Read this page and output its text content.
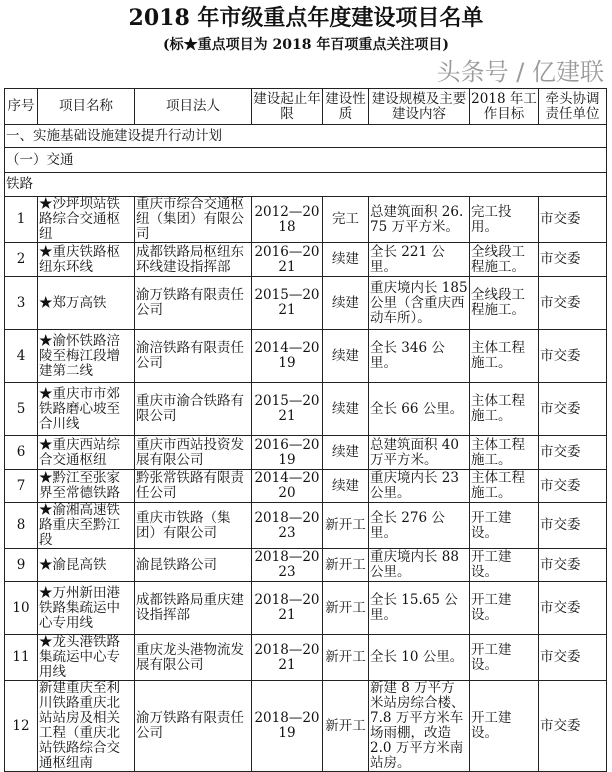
2018 年市级重点年度建设项目名单
(标★重点项目为 2018 年百项重点关注项目)
头条号 / 亿建联
序号	项目名称	项目法人	建设起止年限	建设性质	建设规模及主要建设内容	2018 年工作目标	牵头协调责任单位
一、实施基础设施建设提升行动计划							
（一）交通							
铁路							
1	★沙坪坝站铁路综合交通枢纽	重庆市综合交通枢纽（集团）有限公司	2012—2018	完工	总建筑面积 26.75 万平方米。	完工投用。	市交委
2	★重庆铁路枢纽东环线	成都铁路局枢纽东环线建设指挥部	2016—2021	续建	全长 221 公里。	全线段工程施工。	市交委
3	★郑万高铁	渝万铁路有限责任公司	2015—2021	续建	重庆境内长 185 公里（含重庆西动车所）。	全线段工程施工。	市交委
4	★渝怀铁路涪陵至梅江段增建第二线	渝涪铁路有限责任公司	2014—2019	续建	全长 346 公里。	主体工程施工。	市交委
5	★重庆市市郊铁路磨心坡至合川线	重庆市渝合铁路有限公司	2015—2021	续建	全长 66 公里。	主体工程施工。	市交委
6	★重庆西站综合交通枢纽	重庆市西站投资发展有限公司	2016—2019	续建	总建筑面积 40 万平方米。	主体工程施工。	市交委
7	★黔江至张家界至常德铁路	黔张常铁路有限责任公司	2014—2020	续建	重庆境内长 23 公里。	主体工程施工。	市交委
8	★渝湘高速铁路重庆至黔江段	重庆市铁路（集团）有限公司	2018—2023	新开工	全长 276 公里。	开工建设。	市交委
9	★渝昆高铁	渝昆铁路公司	2018—2023	新开工	重庆境内长 88 公里。	开工建设。	市交委
10	★万州新田港铁路集疏运中心专用线	成都铁路局重庆建设指挥部	2018—2021	新开工	全长 15.65 公里。	开工建设。	市交委
11	★龙头港铁路集疏运中心专用线	重庆龙头港物流发展有限公司	2018—2021	新开工	全长 10 公里。	开工建设。	市交委
12	新建重庆至利川铁路重庆北站站房及相关工程（重庆北站铁路综合交通枢纽南	渝万铁路有限责任公司	2018—2019	新开工	新建 8 万平方米站房综合楼、7.8 万平方米车场雨棚，改造 2.0 万平方米南站房。	开工建设。	市交委
